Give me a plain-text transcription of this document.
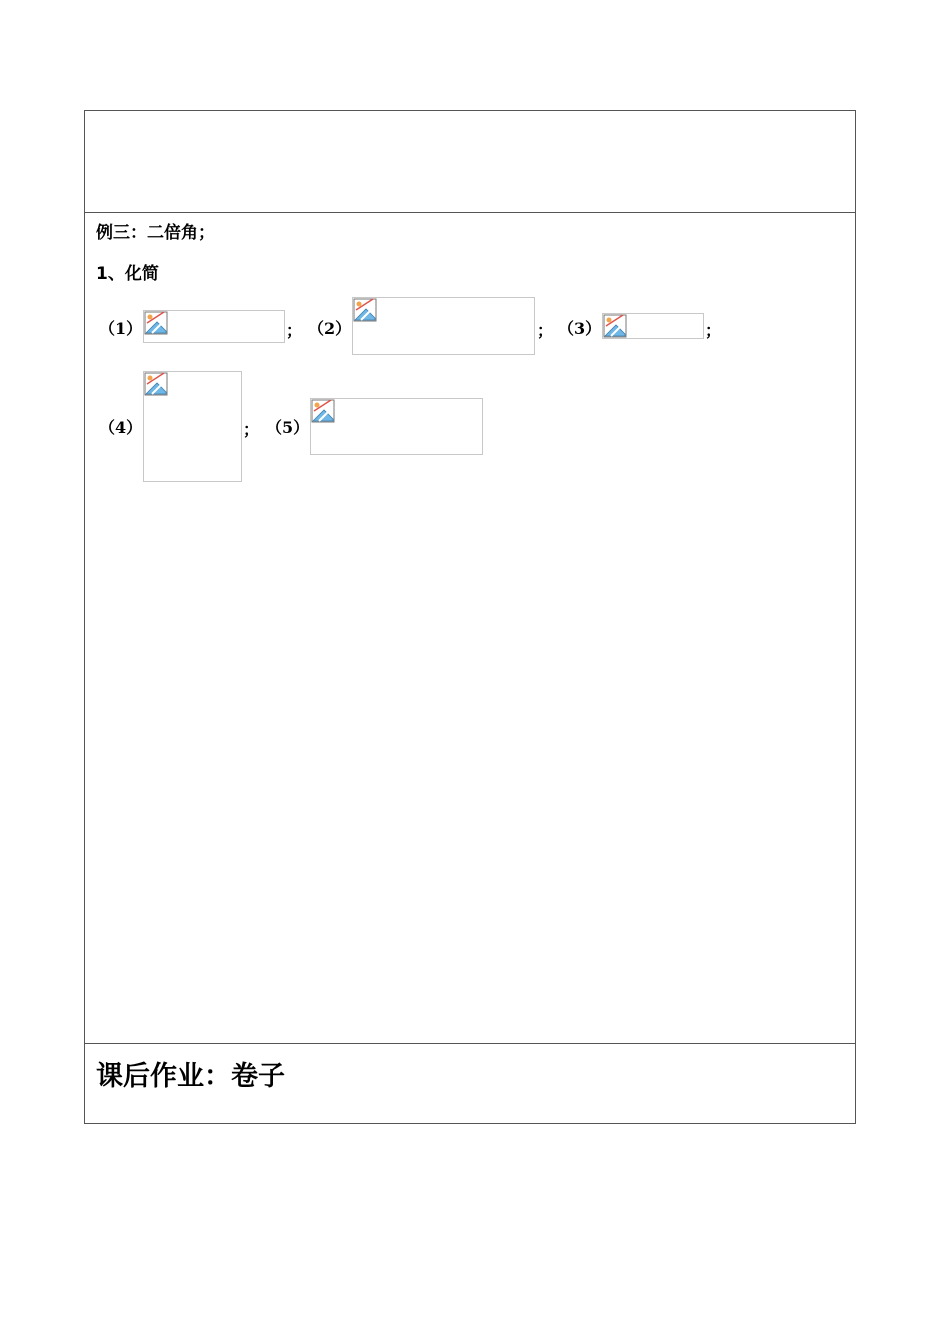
例三：二倍角；
1、化简
（1）	； （2）	； （3）	；
（4）	； （5）
课后作业：卷子
